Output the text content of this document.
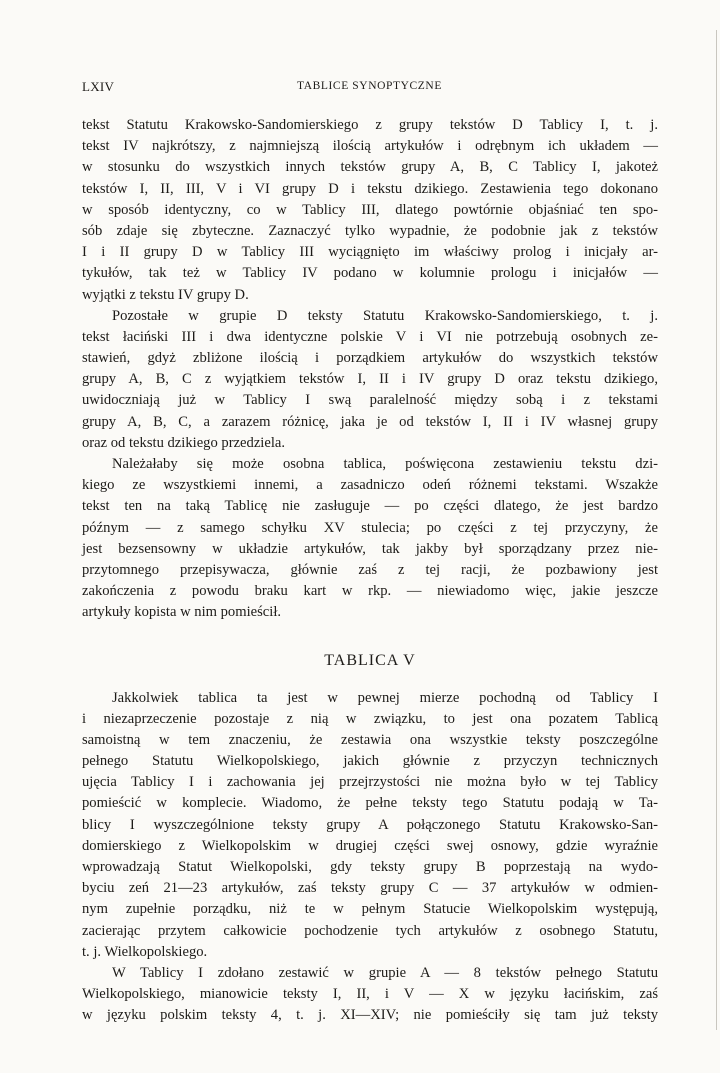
LXIV	TABLICE SYNOPTYCZNE
tekst Statutu Krakowsko-Sandomierskiego z grupy tekstów D Tablicy I, t. j.
tekst IV najkrótszy, z najmniejszą ilością artykułów i odrębnym ich układem —
w stosunku do wszystkich innych tekstów grupy A, B, C Tablicy I, jakoteż
tekstów I, II, III, V i VI grupy D i tekstu dzikiego. Zestawienia tego dokonano
w sposób identyczny, co w Tablicy III, dlatego powtórnie objaśniać ten spo-
sób zdaje się zbyteczne. Zaznaczyć tylko wypadnie, że podobnie jak z tekstów
I i II grupy D w Tablicy III wyciągnięto im właściwy prolog i inicjały ar-
tykułów, tak też w Tablicy IV podano w kolumnie prologu i inicjałów —
wyjątki z tekstu IV grupy D.
Pozostałe w grupie D teksty Statutu Krakowsko-Sandomierskiego, t. j.
tekst łaciński III i dwa identyczne polskie V i VI nie potrzebują osobnych ze-
stawień, gdyż zbliżone ilością i porządkiem artykułów do wszystkich tekstów
grupy A, B, C z wyjątkiem tekstów I, II i IV grupy D oraz tekstu dzikiego,
uwidoczniają już w Tablicy I swą paralelność między sobą i z tekstami
grupy A, B, C, a zarazem różnicę, jaka je od tekstów I, II i IV własnej grupy
oraz od tekstu dzikiego przedziela.
Należałaby się może osobna tablica, poświęcona zestawieniu tekstu dzi-
kiego ze wszystkiemi innemi, a zasadniczo odeń różnemi tekstami. Wszakże
tekst ten na taką Tablicę nie zasługuje — po części dlatego, że jest bardzo
późnym — z samego schyłku XV stulecia; po części z tej przyczyny, że
jest bezsensowny w układzie artykułów, tak jakby był sporządzany przez nie-
przytomnego przepisywacza, głównie zaś z tej racji, że pozbawiony jest
zakończenia z powodu braku kart w rkp. — niewiadomo więc, jakie jeszcze
artykuły kopista w nim pomieścił.
TABLICA V
Jakkolwiek tablica ta jest w pewnej mierze pochodną od Tablicy I
i niezaprzeczenie pozostaje z nią w związku, to jest ona pozatem Tablicą
samoistną w tem znaczeniu, że zestawia ona wszystkie teksty poszczególne
pełnego Statutu Wielkopolskiego, jakich głównie z przyczyn technicznych
ujęcia Tablicy I i zachowania jej przejrzystości nie można było w tej Tablicy
pomieścić w komplecie. Wiadomo, że pełne teksty tego Statutu podają w Ta-
blicy I wyszczególnione teksty grupy A połączonego Statutu Krakowsko-San-
domierskiego z Wielkopolskim w drugiej części swej osnowy, gdzie wyraźnie
wprowadzają Statut Wielkopolski, gdy teksty grupy B poprzestają na wydo-
byciu zeń 21—23 artykułów, zaś teksty grupy C — 37 artykułów w odmien-
nym zupełnie porządku, niż te w pełnym Statucie Wielkopolskim występują,
zacierając przytem całkowicie pochodzenie tych artykułów z osobnego Statutu,
t. j. Wielkopolskiego.
W Tablicy I zdołano zestawić w grupie A — 8 tekstów pełnego Statutu
Wielkopolskiego, mianowicie teksty I, II, i V — X w języku łacińskim, zaś
w języku polskim teksty 4, t. j. XI—XIV; nie pomieściły się tam już teksty
